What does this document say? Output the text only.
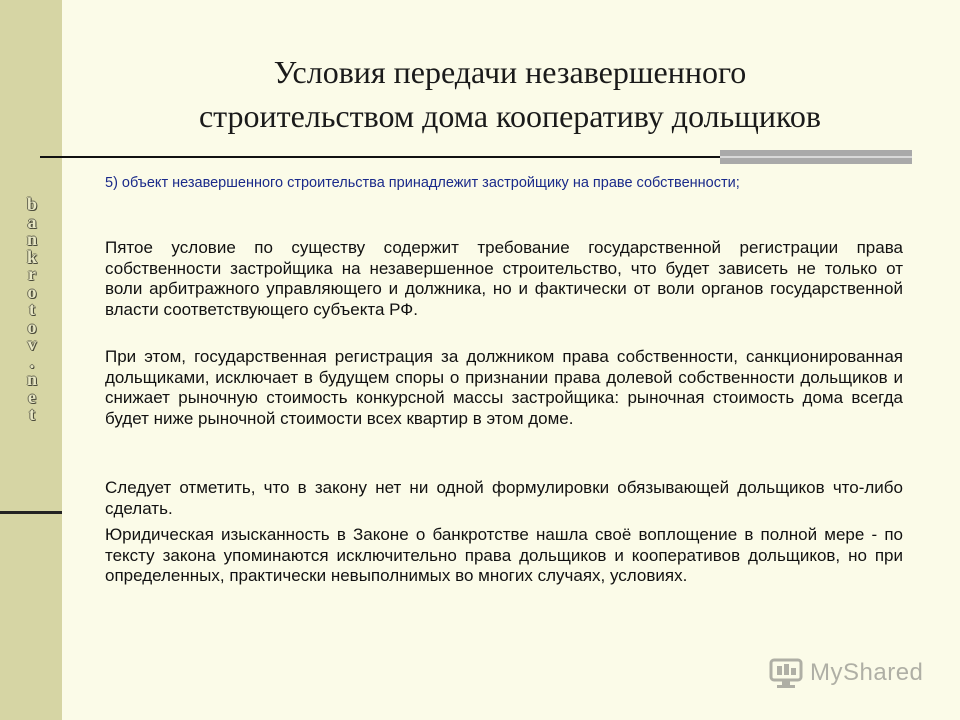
b
a
n
k
r
o
t
o
v
.
n
e
t
Условия передачи незавершенного
строительством дома кооперативу дольщиков
5) объект незавершенного строительства принадлежит застройщику на праве собственности;
Пятое условие по существу содержит требование государственной регистрации права собственности застройщика на незавершенное строительство, что будет зависеть не только от воли арбитражного управляющего и должника, но и фактически от воли органов государственной власти соответствующего субъекта РФ.
При этом, государственная регистрация за должником права собственности, санкционированная дольщиками, исключает в будущем споры о признании права долевой собственности дольщиков и снижает рыночную стоимость конкурсной массы застройщика: рыночная стоимость дома всегда будет ниже рыночной стоимости всех квартир в этом доме.
Следует отметить, что в закону нет ни одной формулировки обязывающей дольщиков что-либо сделать.
Юридическая изысканность в Законе о банкротстве нашла своё воплощение в полной мере - по тексту закона упоминаются исключительно права дольщиков и кооперативов дольщиков, но при определенных, практически невыполнимых во многих случаях, условиях.
MyShared
